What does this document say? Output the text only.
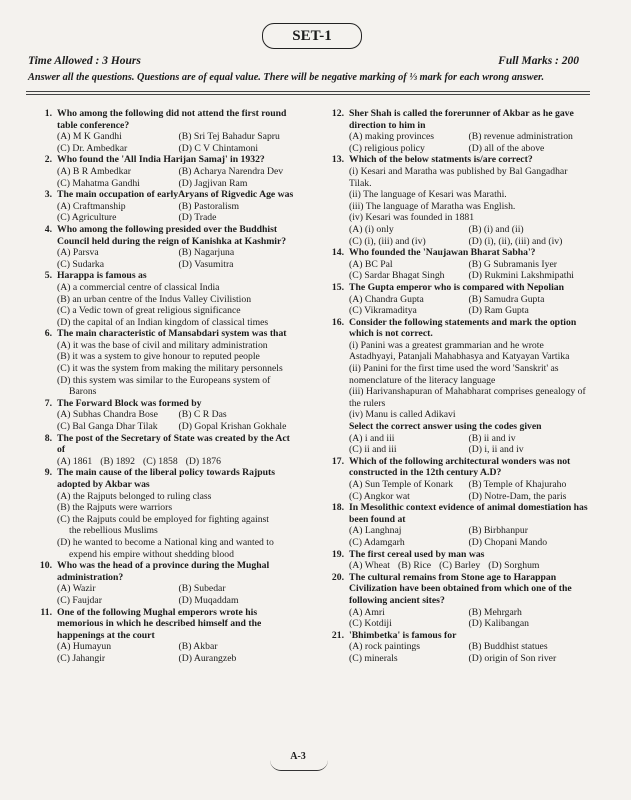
SET-1
Time Allowed : 3 Hours	Full Marks : 200
Answer all the questions. Questions are of equal value. There will be negative marking of ⅓ mark for each wrong answer.
1. Who among the following did not attend the first round table conference?
(A) M K Gandhi	(B) Sri Tej Bahadur Sapru
(C) Dr. Ambedkar	(D) C V Chintamoni
2. Who found the 'All India Harijan Samaj' in 1932?
(A) B R Ambedkar	(B) Acharya Narendra Dev
(C) Mahatma Gandhi	(D) Jagjivan Ram
3. The main occupation of earlyAryans of Rigvedic Age was
(A) Craftmanship	(B) Pastoralism
(C) Agriculture	(D) Trade
4. Who among the following presided over the Buddhist Council held during the reign of Kanishka at Kashmir?
(A) Parsva	(B) Nagarjuna
(C) Sudarka	(D) Vasumitra
5. Harappa is famous as
(A) a commercial centre of classical India
(B) an urban centre of the Indus Valley Civilistion
(C) a Vedic town of great religious significance
(D) the capital of an Indian kingdom of classical times
6. The main characteristic of Mansabdari system was that
(A) it was the base of civil and military administration
(B) it was a system to give honour to reputed people
(C) it was the system from making the military personnels
(D) this system was similar to the Europeans system of
Barons
7. The Forward Block was formed by
(A) Subhas Chandra Bose	(B) C R Das
(C) Bal Ganga Dhar Tilak	(D) Gopal Krishan Gokhale
8. The post of the Secretary of State was created by the Act of
(A) 1861 (B) 1892 (C) 1858 (D) 1876
9. The main cause of the liberal policy towards Rajputs adopted by Akbar was
(A) the Rajputs belonged to ruling class
(B) the Rajputs were warriors
(C) the Rajputs could be employed for fighting against
the rebellious Muslims
(D) he wanted to become a National king and wanted to
expend his empire without shedding blood
10. Who was the head of a province during the Mughal administration?
(A) Wazir	(B) Subedar
(C) Faujdar	(D) Muqaddam
11. One of the following Mughal emperors wrote his memorious in which he described himself and the happenings at the court
(A) Humayun	(B) Akbar
(C) Jahangir	(D) Aurangzeb
12. Sher Shah is called the forerunner of Akbar as he gave direction to him in
(A) making provinces	(B) revenue administration
(C) religious policy	(D) all of the above
13. Which of the below statments is/are correct?
(i) Kesari and Maratha was published by Bal Gangadhar Tilak.
(ii) The language of Kesari was Marathi.
(iii) The language of Maratha was English.
(iv) Kesari was founded in 1881
(A) (i) only	(B) (i) and (ii)
(C) (i), (iii) and (iv)	(D) (i), (ii), (iii) and (iv)
14. Who founded the 'Naujawan Bharat Sabha'?
(A) BC Pal	(B) G Subramanis Iyer
(C) Sardar Bhagat Singh	(D) Rukmini Lakshmipathi
15. The Gupta emperor who is compared with Nepolian
(A) Chandra Gupta	(B) Samudra Gupta
(C) Vikramaditya	(D) Ram Gupta
16. Consider the following statements and mark the option which is not correct.
(i) Panini was a greatest grammarian and he wrote Astadhyayi, Patanjali Mahabhasya and Katyayan Vartika
(ii) Panini for the first time used the word 'Sanskrit' as nomenclature of the literacy language
(iii) Harivanshapuran of Mahabharat comprises genealogy of the rulers
(iv) Manu is called Adikavi
Select the correct answer using the codes given
(A) i and iii	(B) ii and iv
(C) ii and iii	(D) i, ii and iv
17. Which of the following architectural wonders was not constructed in the 12th century A.D?
(A) Sun Temple of Konark	(B) Temple of Khajuraho
(C) Angkor wat	(D) Notre-Dam, the paris
18. In Mesolithic context evidence of animal domestiation has been found at
(A) Langhnaj	(B) Birbhanpur
(C) Adamgarh	(D) Chopani Mando
19. The first cereal used by man was
(A) Wheat (B) Rice (C) Barley (D) Sorghum
20. The cultural remains from Stone age to Harappan Civilization have been obtained from which one of the following ancient sites?
(A) Amri	(B) Mehrgarh
(C) Kotdiji	(D) Kalibangan
21. 'Bhimbetka' is famous for
(A) rock paintings	(B) Buddhist statues
(C) minerals	(D) origin of Son river
A-3
